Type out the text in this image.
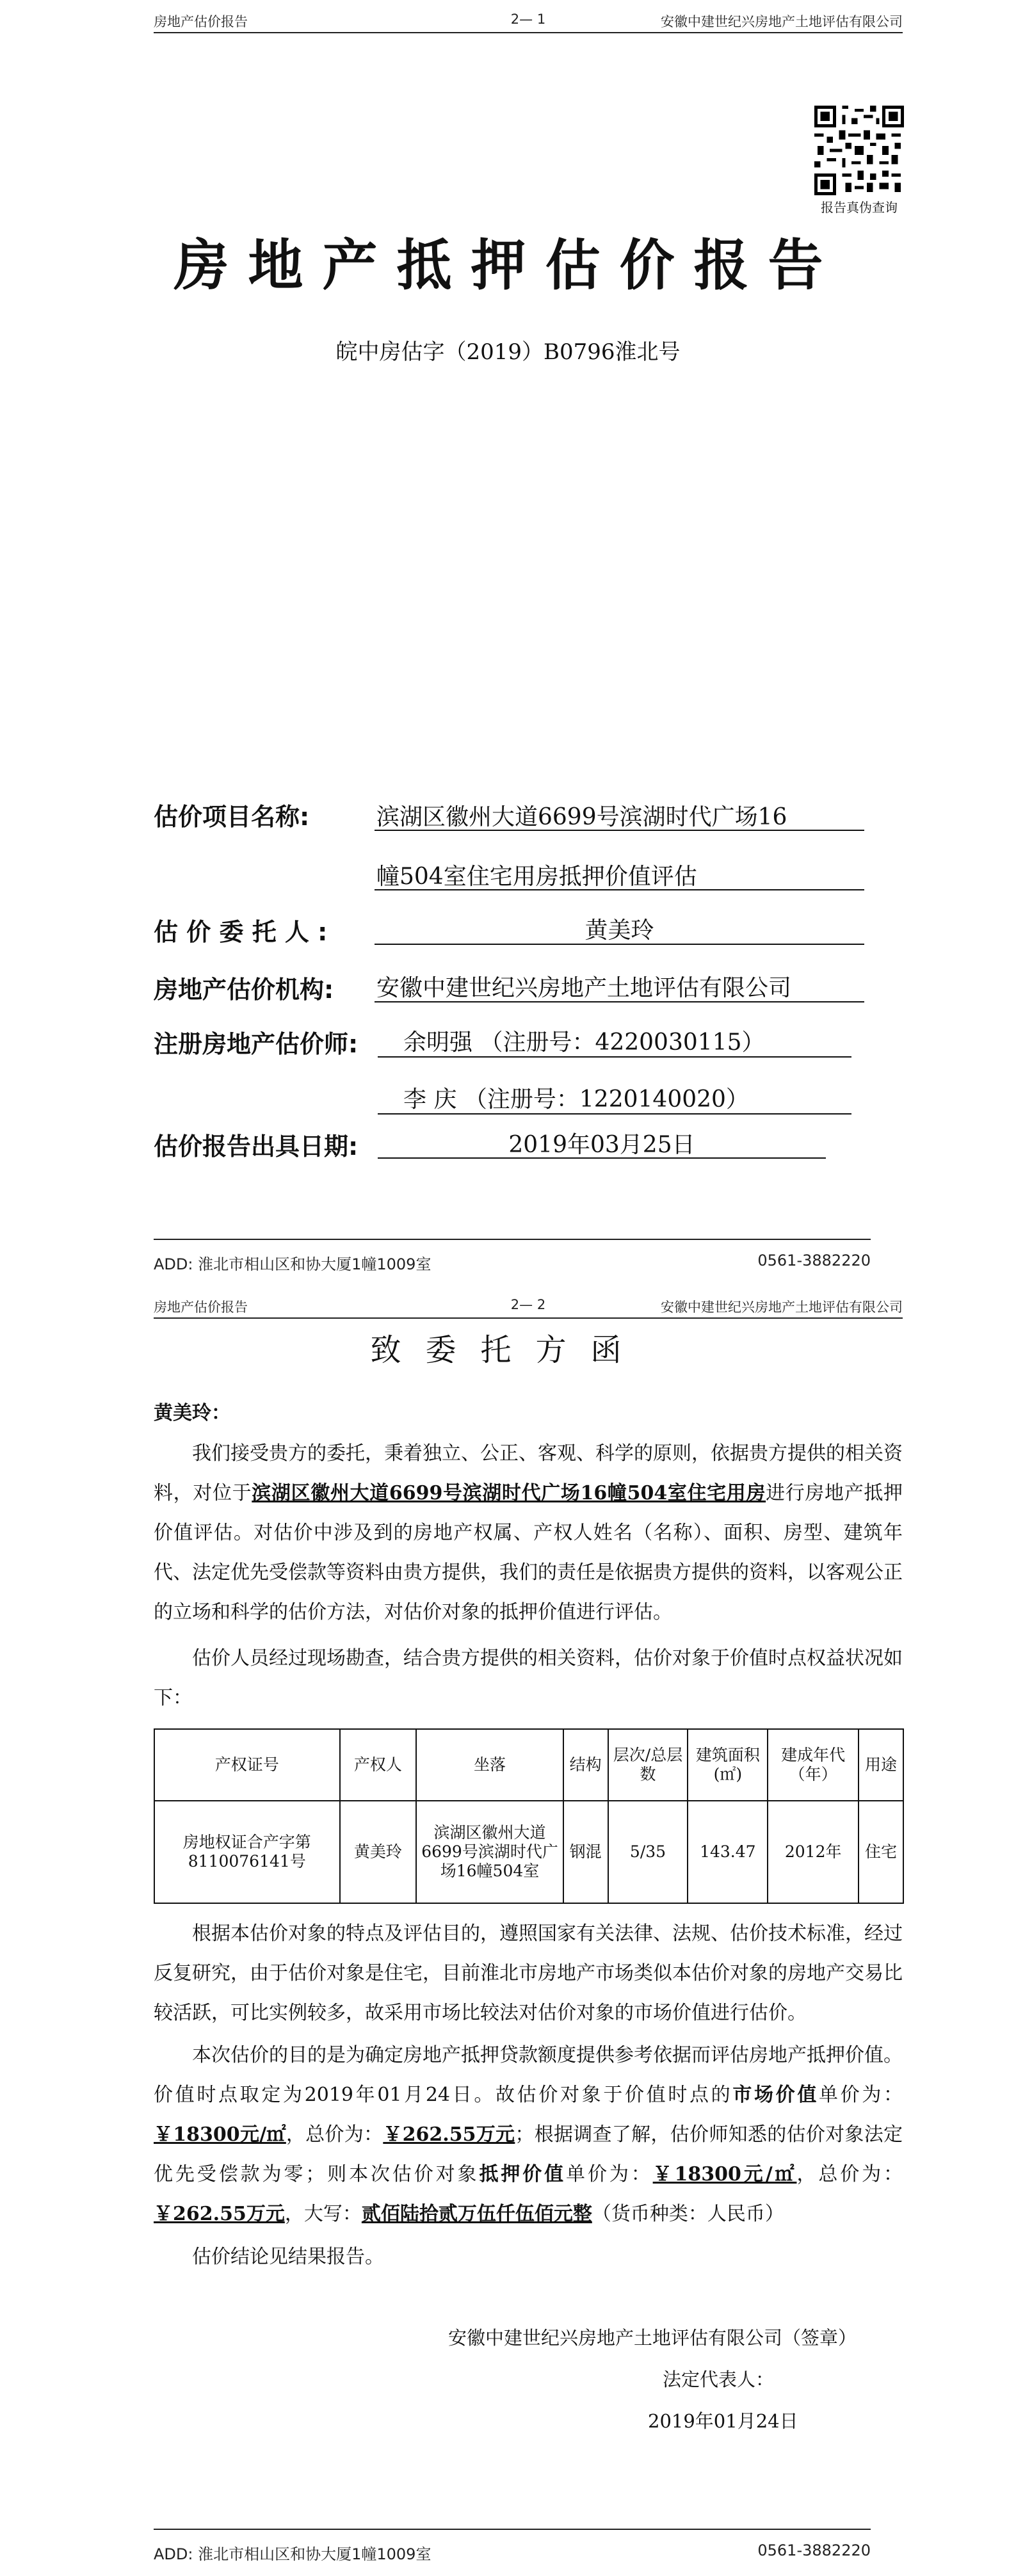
房地产估价报告	2— 1	安徽中建世纪兴房地产土地评估有限公司
报告真伪查询
房地产抵押估价报告
皖中房估字（2019）B0796淮北号
估价项目名称:	滨湖区徽州大道6699号滨湖时代广场16
幢504室住宅用房抵押价值评估
估 价 委 托 人 :	黄美玲
房地产估价机构: 安徽中建世纪兴房地产土地评估有限公司
注册房地产估价师: 余明强 （注册号：4220030115）
李 庆 （注册号：1220140020）
估价报告出具日期:	2019年03月25日
ADD: 淮北市相山区和协大厦1幢1009室	0561-3882220
房地产估价报告	2— 2	安徽中建世纪兴房地产土地评估有限公司
致委托方函
黄美玲：
我们接受贵方的委托，秉着独立、公正、客观、科学的原则，依据贵方提供的相关资料，对位于滨湖区徽州大道6699号滨湖时代广场16幢504室住宅用房进行房地产抵押价值评估。对估价中涉及到的房地产权属、产权人姓名（名称）、面积、房型、建筑年代、法定优先受偿款等资料由贵方提供，我们的责任是依据贵方提供的资料，以客观公正的立场和科学的估价方法，对估价对象的抵押价值进行评估。
估价人员经过现场勘查，结合贵方提供的相关资料，估价对象于价值时点权益状况如下：
产权证号	产权人	坐落	结构	层次/总层数	建筑面积(㎡)	建成年代（年）	用途
房地权证合产字第8110076141号	黄美玲	滨湖区徽州大道6699号滨湖时代广场16幢504室	钢混	5/35	143.47	2012年	住宅
根据本估价对象的特点及评估目的，遵照国家有关法律、法规、估价技术标准，经过反复研究，由于估价对象是住宅，目前淮北市房地产市场类似本估价对象的房地产交易比较活跃，可比实例较多，故采用市场比较法对估价对象的市场价值进行估价。
本次估价的目的是为确定房地产抵押贷款额度提供参考依据而评估房地产抵押价值。价值时点取定为2019年01月24日。故估价对象于价值时点的市场价值单价为：￥18300元/㎡，总价为：￥262.55万元；根据调查了解，估价师知悉的估价对象法定优先受偿款为零；则本次估价对象抵押价值单价为：￥18300元/㎡，总价为：￥262.55万元，大写：贰佰陆拾贰万伍仟伍佰元整（货币种类：人民币）
估价结论见结果报告。
安徽中建世纪兴房地产土地评估有限公司（签章）
法定代表人：
2019年01月24日
ADD: 淮北市相山区和协大厦1幢1009室	0561-3882220
